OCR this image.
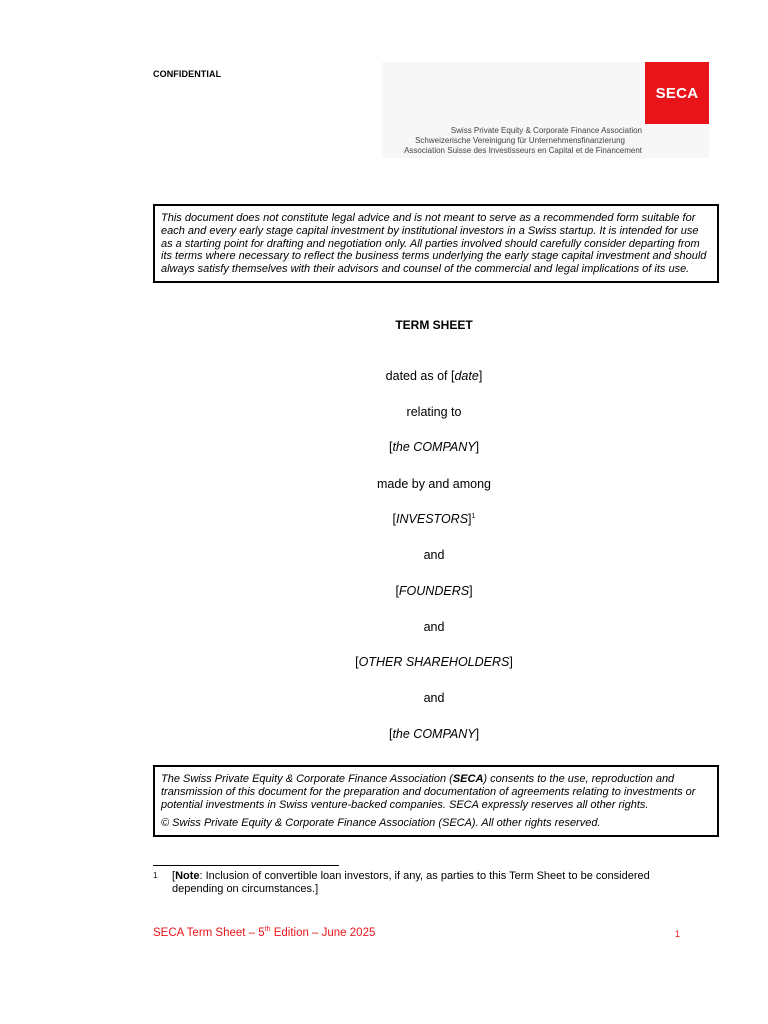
CONFIDENTIAL
SECA
Swiss Private Equity & Corporate Finance Association
Schweizerische Vereinigung für Unternehmensfinanzierung
Association Suisse des Investisseurs en Capital et de Financement
This document does not constitute legal advice and is not meant to serve as a recommended form suitable for each and every early stage capital investment by institutional investors in a Swiss startup. It is intended for use as a starting point for drafting and negotiation only. All parties involved should carefully consider departing from its terms where necessary to reflect the business terms underlying the early stage capital investment and should always satisfy themselves with their advisors and counsel of the commercial and legal implications of its use.
TERM SHEET
dated as of [date]
relating to
[the COMPANY]
made by and among
[INVESTORS]$^1$
and
[FOUNDERS]
and
[OTHER SHAREHOLDERS]
and
[the COMPANY]

The Swiss Private Equity & Corporate Finance Association (SECA) consents to the use, reproduction and transmission of this document for the preparation and documentation of agreements relating to investments or potential investments in Swiss venture-backed companies. SECA expressly reserves all other rights.

© Swiss Private Equity & Corporate Finance Association (SECA). All other rights reserved.

1 [Note: Inclusion of convertible loan investors, if any, as parties to this Term Sheet to be considered depending on circumstances.]
SECA Term Sheet – 5th Edition – June 2025	1
